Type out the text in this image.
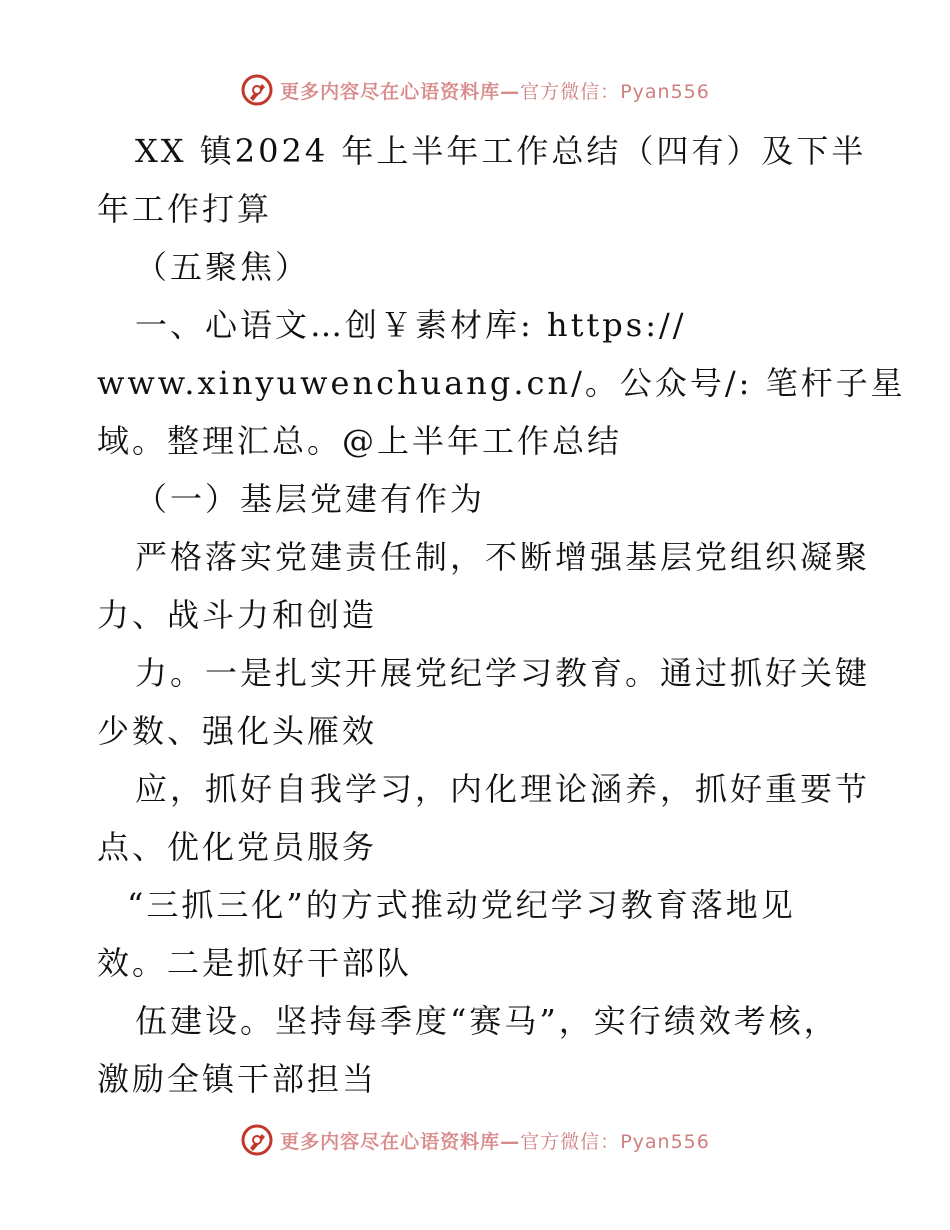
更多内容尽在心语资料库—官方微信：Pyan556
XX 镇2024 年上半年工作总结（四有）及下半
年工作打算
（五聚焦）
一、心语文…创￥素材库: https://
www.xinyuwenchuang.cn/。公众号/: 笔杆子星
域。整理汇总。@上半年工作总结
（一）基层党建有作为
严格落实党建责任制，不断增强基层党组织凝聚
力、战斗力和创造
力。一是扎实开展党纪学习教育。通过抓好关键
少数、强化头雁效
应，抓好自我学习，内化理论涵养，抓好重要节
点、优化党员服务
“三抓三化”的方式推动党纪学习教育落地见
效。二是抓好干部队
伍建设。坚持每季度“赛马”，实行绩效考核，
激励全镇干部担当
更多内容尽在心语资料库—官方微信：Pyan556
